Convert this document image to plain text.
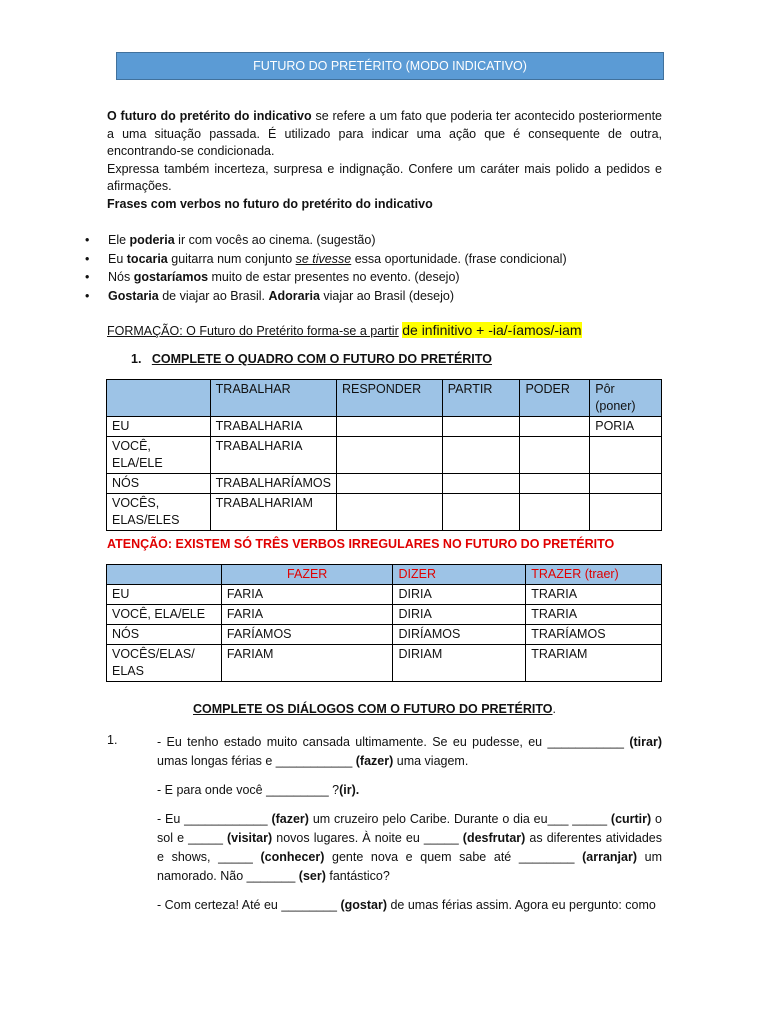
FUTURO DO PRETÉRITO (MODO INDICATIVO)

O futuro do pretérito do indicativo se refere a um fato que poderia ter acontecido posteriormente a uma situação passada. É utilizado para indicar uma ação que é consequente de outra, encontrando-se condicionada.

Expressa também incerteza, surpresa e indignação. Confere um caráter mais polido a pedidos e afirmações.

Frases com verbos no futuro do pretérito do indicativo

• Ele poderia ir com vocês ao cinema. (sugestão)
• Eu tocaria guitarra num conjunto se tivesse essa oportunidade. (frase condicional)
• Nós gostaríamos muito de estar presentes no evento. (desejo)
• Gostaria de viajar ao Brasil. Adoraria viajar ao Brasil (desejo)
FORMAÇÃO: O Futuro do Pretérito forma-se a partir de infinitivo + -ia/-íamos/-iam
1. COMPLETE O QUADRO COM O FUTURO DO PRETÉRITO
	TRABALHAR	RESPONDER	PARTIR	PODER	Pôr (poner)
EU	TRABALHARIA				PORIA
VOCÊ, ELA/ELE	TRABALHARIA				
NÓS	TRABALHARÍAMOS				
VOCÊS, ELAS/ELES	TRABALHARIAM				
ATENÇÃO: EXISTEM SÓ TRÊS VERBOS IRREGULARES NO FUTURO DO PRETÉRITO
	FAZER	DIZER	TRAZER (traer)
EU	FARIA	DIRIA	TRARIA
VOCÊ, ELA/ELE	FARIA	DIRIA	TRARIA
NÓS	FARÍAMOS	DIRÍAMOS	TRARÍAMOS
VOCÊS/ELAS/ ELAS	FARIAM	DIRIAM	TRARIAM
COMPLETE OS DIÁLOGOS COM O FUTURO DO PRETÉRITO.
1.	- Eu tenho estado muito cansada ultimamente. Se eu pudesse, eu ___________ (tirar) umas longas férias e ___________ (fazer) uma viagem.

- E para onde você _________ ?(ir).

- Eu ____________ (fazer) um cruzeiro pelo Caribe. Durante o dia eu___ _____ (curtir) o sol e _____ (visitar) novos lugares. À noite eu _____ (desfrutar) as diferentes atividades e shows, _____ (conhecer) gente nova e quem sabe até ________ (arranjar) um namorado. Não _______ (ser) fantástico?

- Com certeza! Até eu ________ (gostar) de umas férias assim. Agora eu pergunto: como
